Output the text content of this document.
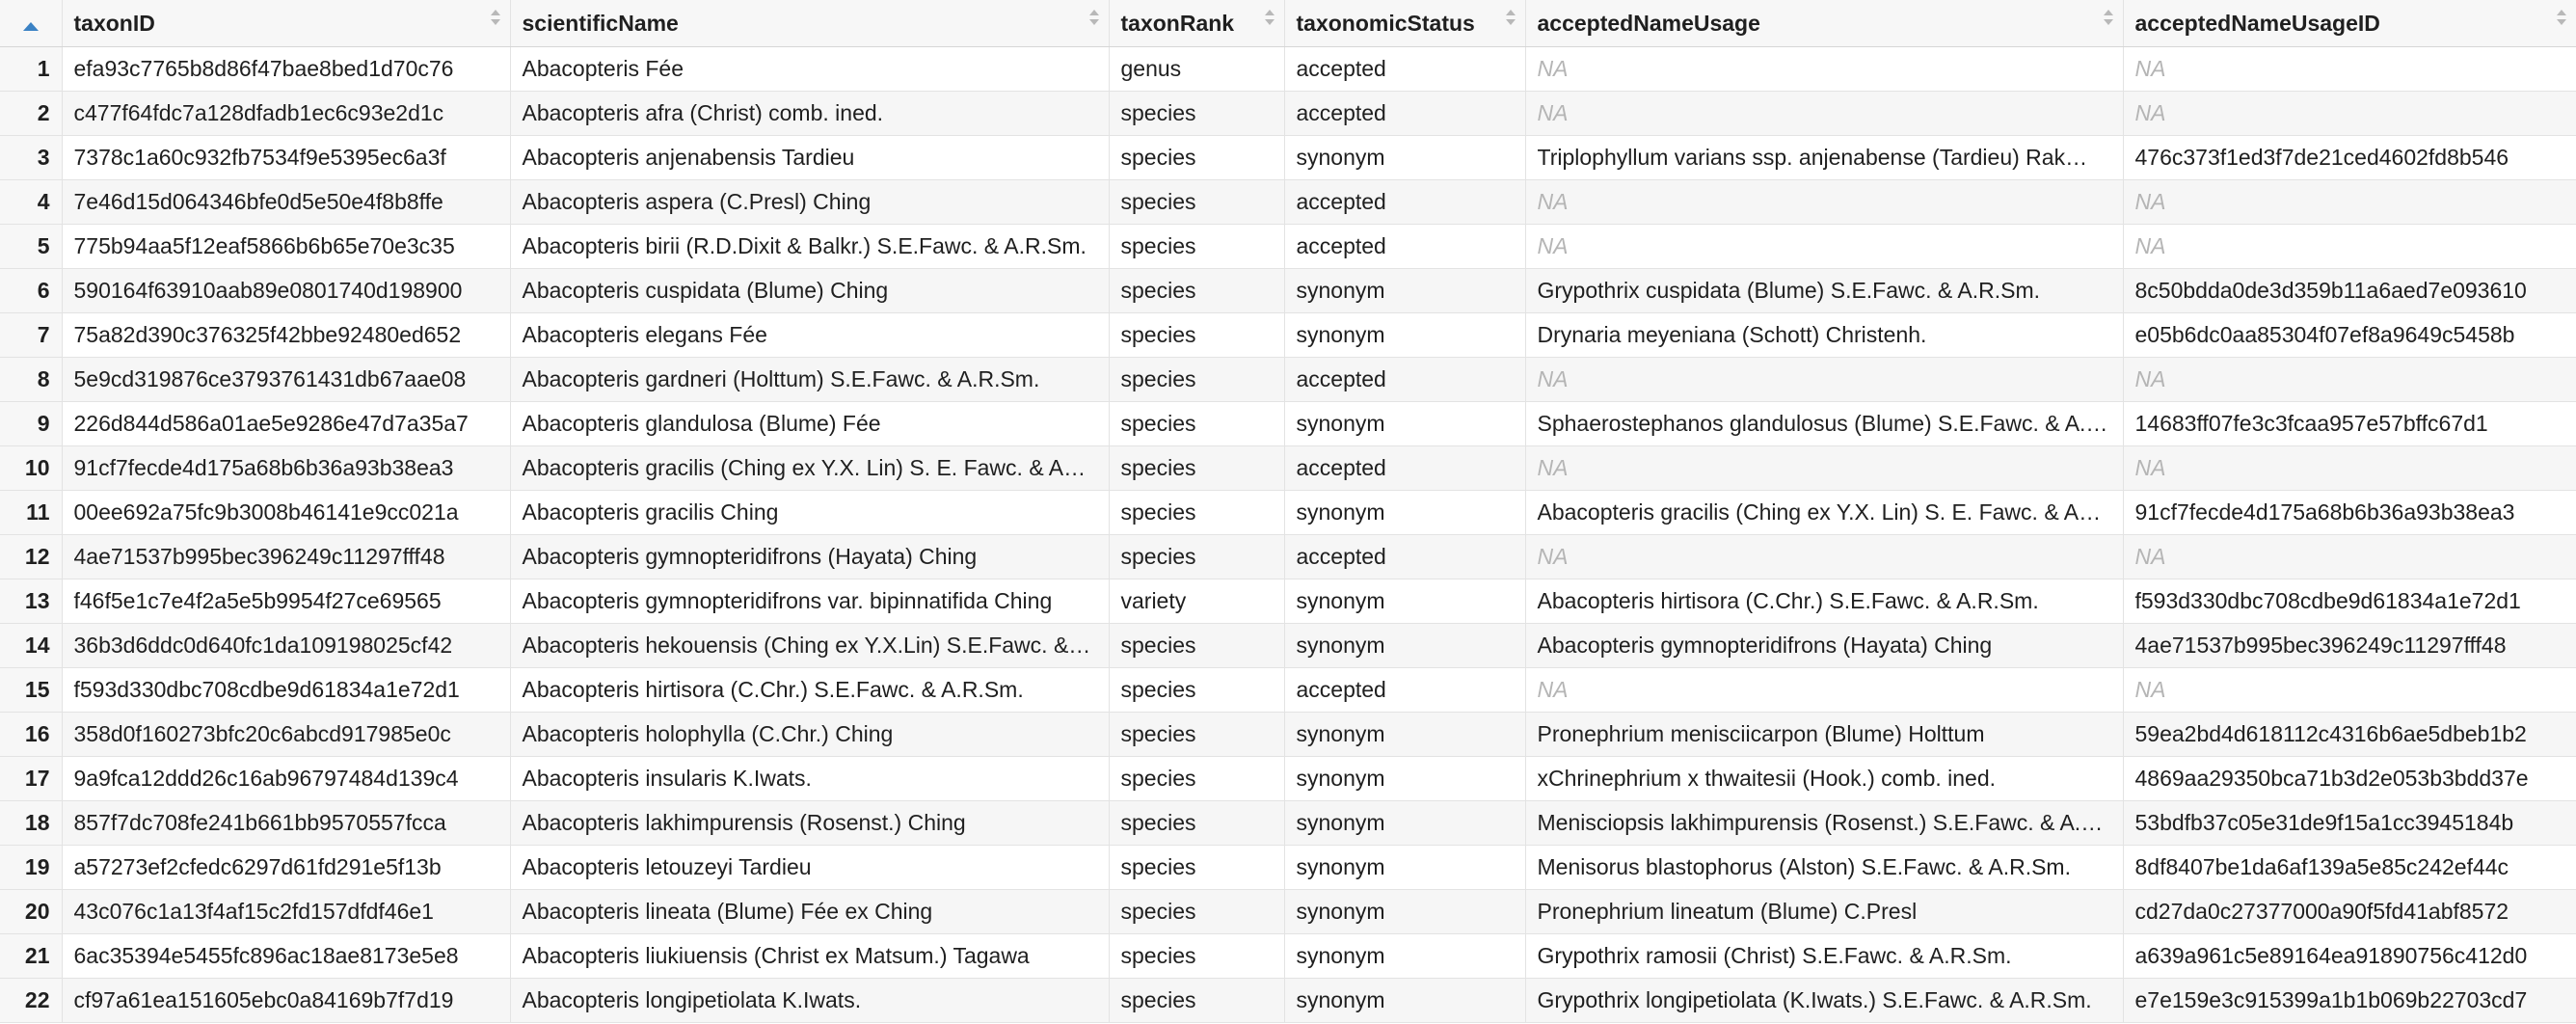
	taxonID	scientificName	taxonRank	taxonomicStatus	acceptedNameUsage	acceptedNameUsageID

1	efa93c7765b8d86f47bae8bed1d70c76	Abacopteris Fée	genus	accepted	NA	NA
2	c477f64fdc7a128dfadb1ec6c93e2d1c	Abacopteris afra (Christ) comb. ined.	species	accepted	NA	NA
3	7378c1a60c932fb7534f9e5395ec6a3f	Abacopteris anjenabensis Tardieu	species	synonym	Triplophyllum varians ssp. anjenabense (Tardieu) Rak…	476c373f1ed3f7de21ced4602fd8b546
4	7e46d15d064346bfe0d5e50e4f8b8ffe	Abacopteris aspera (C.Presl) Ching	species	accepted	NA	NA
5	775b94aa5f12eaf5866b6b65e70e3c35	Abacopteris birii (R.D.Dixit & Balkr.) S.E.Fawc. & A.R.Sm.	species	accepted	NA	NA
6	590164f63910aab89e0801740d198900	Abacopteris cuspidata (Blume) Ching	species	synonym	Grypothrix cuspidata (Blume) S.E.Fawc. & A.R.Sm.	8c50bdda0de3d359b11a6aed7e093610
7	75a82d390c376325f42bbe92480ed652	Abacopteris elegans Fée	species	synonym	Drynaria meyeniana (Schott) Christenh.	e05b6dc0aa85304f07ef8a9649c5458b
8	5e9cd319876ce3793761431db67aae08	Abacopteris gardneri (Holttum) S.E.Fawc. & A.R.Sm.	species	accepted	NA	NA
9	226d844d586a01ae5e9286e47d7a35a7	Abacopteris glandulosa (Blume) Fée	species	synonym	Sphaerostephanos glandulosus (Blume) S.E.Fawc. & A.…	14683ff07fe3c3fcaa957e57bffc67d1
10	91cf7fecde4d175a68b6b36a93b38ea3	Abacopteris gracilis (Ching ex Y.X. Lin) S. E. Fawc. & A…	species	accepted	NA	NA
11	00ee692a75fc9b3008b46141e9cc021a	Abacopteris gracilis Ching	species	synonym	Abacopteris gracilis (Ching ex Y.X. Lin) S. E. Fawc. & A…	91cf7fecde4d175a68b6b36a93b38ea3
12	4ae71537b995bec396249c11297fff48	Abacopteris gymnopteridifrons (Hayata) Ching	species	accepted	NA	NA
13	f46f5e1c7e4f2a5e5b9954f27ce69565	Abacopteris gymnopteridifrons var. bipinnatifida Ching	variety	synonym	Abacopteris hirtisora (C.Chr.) S.E.Fawc. & A.R.Sm.	f593d330dbc708cdbe9d61834a1e72d1
14	36b3d6ddc0d640fc1da109198025cf42	Abacopteris hekouensis (Ching ex Y.X.Lin) S.E.Fawc. &…	species	synonym	Abacopteris gymnopteridifrons (Hayata) Ching	4ae71537b995bec396249c11297fff48
15	f593d330dbc708cdbe9d61834a1e72d1	Abacopteris hirtisora (C.Chr.) S.E.Fawc. & A.R.Sm.	species	accepted	NA	NA
16	358d0f160273bfc20c6abcd917985e0c	Abacopteris holophylla (C.Chr.) Ching	species	synonym	Pronephrium menisciicarpon (Blume) Holttum	59ea2bd4d618112c4316b6ae5dbeb1b2
17	9a9fca12ddd26c16ab96797484d139c4	Abacopteris insularis K.Iwats.	species	synonym	xChrinephrium x thwaitesii (Hook.) comb. ined.	4869aa29350bca71b3d2e053b3bdd37e
18	857f7dc708fe241b661bb9570557fcca	Abacopteris lakhimpurensis (Rosenst.) Ching	species	synonym	Menisciopsis lakhimpurensis (Rosenst.) S.E.Fawc. & A.…	53bdfb37c05e31de9f15a1cc3945184b
19	a57273ef2cfedc6297d61fd291e5f13b	Abacopteris letouzeyi Tardieu	species	synonym	Menisorus blastophorus (Alston) S.E.Fawc. & A.R.Sm.	8df8407be1da6af139a5e85c242ef44c
20	43c076c1a13f4af15c2fd157dfdf46e1	Abacopteris lineata (Blume) Fée ex Ching	species	synonym	Pronephrium lineatum (Blume) C.Presl	cd27da0c27377000a90f5fd41abf8572
21	6ac35394e5455fc896ac18ae8173e5e8	Abacopteris liukiuensis (Christ ex Matsum.) Tagawa	species	synonym	Grypothrix ramosii (Christ) S.E.Fawc. & A.R.Sm.	a639a961c5e89164ea91890756c412d0
22	cf97a61ea151605ebc0a84169b7f7d19	Abacopteris longipetiolata K.Iwats.	species	synonym	Grypothrix longipetiolata (K.Iwats.) S.E.Fawc. & A.R.Sm.	e7e159e3c915399a1b1b069b22703cd7
